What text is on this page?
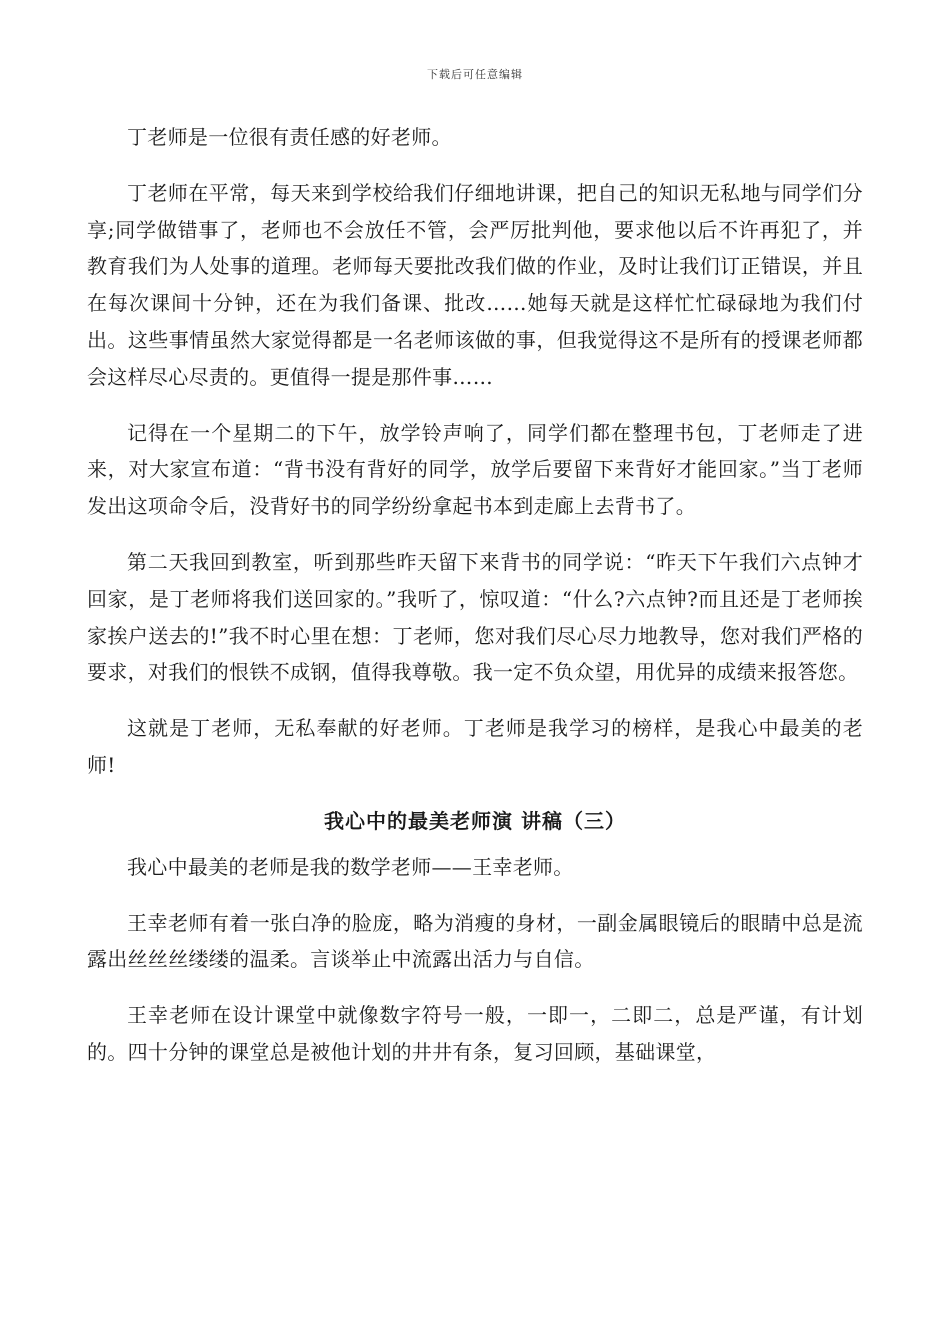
下载后可任意编辑

丁老师是一位很有责任感的好老师。

丁老师在平常，每天来到学校给我们仔细地讲课，把自己的知识无私地与同学们分享;同学做错事了，老师也不会放任不管，会严厉批判他，要求他以后不许再犯了，并教育我们为人处事的道理。老师每天要批改我们做的作业，及时让我们订正错误，并且在每次课间十分钟，还在为我们备课、批改……她每天就是这样忙忙碌碌地为我们付出。这些事情虽然大家觉得都是一名老师该做的事，但我觉得这不是所有的授课老师都会这样尽心尽责的。更值得一提是那件事……

记得在一个星期二的下午，放学铃声响了，同学们都在整理书包，丁老师走了进来，对大家宣布道：“背书没有背好的同学，放学后要留下来背好才能回家。”当丁老师发出这项命令后，没背好书的同学纷纷拿起书本到走廊上去背书了。

第二天我回到教室，听到那些昨天留下来背书的同学说：“昨天下午我们六点钟才回家，是丁老师将我们送回家的。”我听了，惊叹道：“什么?六点钟?而且还是丁老师挨家挨户送去的!”我不时心里在想：丁老师，您对我们尽心尽力地教导，您对我们严格的要求，对我们的恨铁不成钢，值得我尊敬。我一定不负众望，用优异的成绩来报答您。

这就是丁老师，无私奉献的好老师。丁老师是我学习的榜样，是我心中最美的老师!

我心中的最美老师演 讲稿（三）

我心中最美的老师是我的数学老师——王幸老师。

王幸老师有着一张白净的脸庞，略为消瘦的身材，一副金属眼镜后的眼睛中总是流露出丝丝丝缕缕的温柔。言谈举止中流露出活力与自信。

王幸老师在设计课堂中就像数字符号一般，一即一，二即二，总是严谨，有计划的。四十分钟的课堂总是被他计划的井井有条，复习回顾，基础课堂，
